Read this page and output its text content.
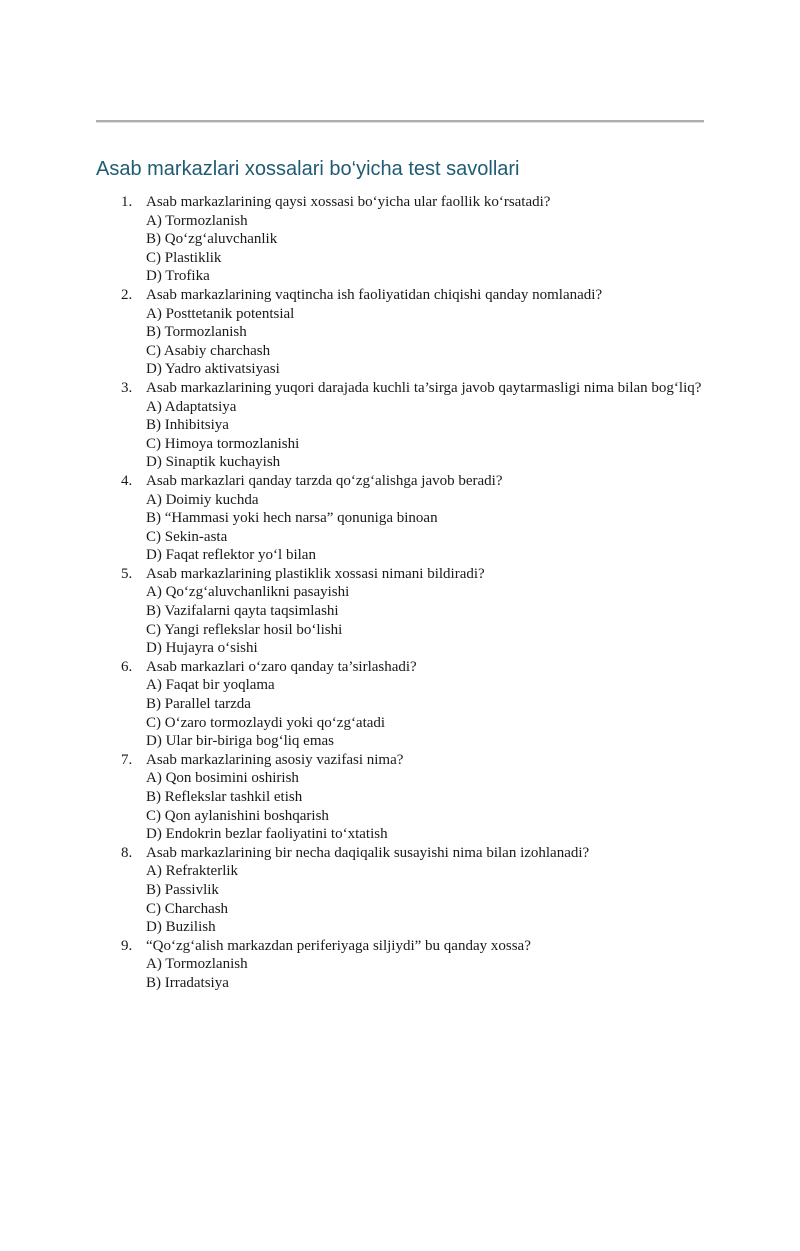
Asab markazlari xossalari bo‘yicha test savollari
1. Asab markazlarining qaysi xossasi bo‘yicha ular faollik ko‘rsatadi?
A) Tormozlanish
B) Qo‘zg‘aluvchanlik
C) Plastiklik
D) Trofika
2. Asab markazlarining vaqtincha ish faoliyatidan chiqishi qanday nomlanadi?
A) Posttetanik potentsial
B) Tormozlanish
C) Asabiy charchash
D) Yadro aktivatsiyasi
3. Asab markazlarining yuqori darajada kuchli ta’sirga javob qaytarmasligi nima bilan bog‘liq?
A) Adaptatsiya
B) Inhibitsiya
C) Himoya tormozlanishi
D) Sinaptik kuchayish
4. Asab markazlari qanday tarzda qo‘zg‘alishga javob beradi?
A) Doimiy kuchda
B) “Hammasi yoki hech narsa” qonuniga binoan
C) Sekin-asta
D) Faqat reflektor yo‘l bilan
5. Asab markazlarining plastiklik xossasi nimani bildiradi?
A) Qo‘zg‘aluvchanlikni pasayishi
B) Vazifalarni qayta taqsimlashi
C) Yangi reflekslar hosil bo‘lishi
D) Hujayra o‘sishi
6. Asab markazlari o‘zaro qanday ta’sirlashadi?
A) Faqat bir yoqlama
B) Parallel tarzda
C) O‘zaro tormozlaydi yoki qo‘zg‘atadi
D) Ular bir-biriga bog‘liq emas
7. Asab markazlarining asosiy vazifasi nima?
A) Qon bosimini oshirish
B) Reflekslar tashkil etish
C) Qon aylanishini boshqarish
D) Endokrin bezlar faoliyatini to‘xtatish
8. Asab markazlarining bir necha daqiqalik susayishi nima bilan izohlanadi?
A) Refrakterlik
B) Passivlik
C) Charchash
D) Buzilish
9. “Qo‘zg‘alish markazdan periferiyaga siljiydi” bu qanday xossa?
A) Tormozlanish
B) Irradatsiya
